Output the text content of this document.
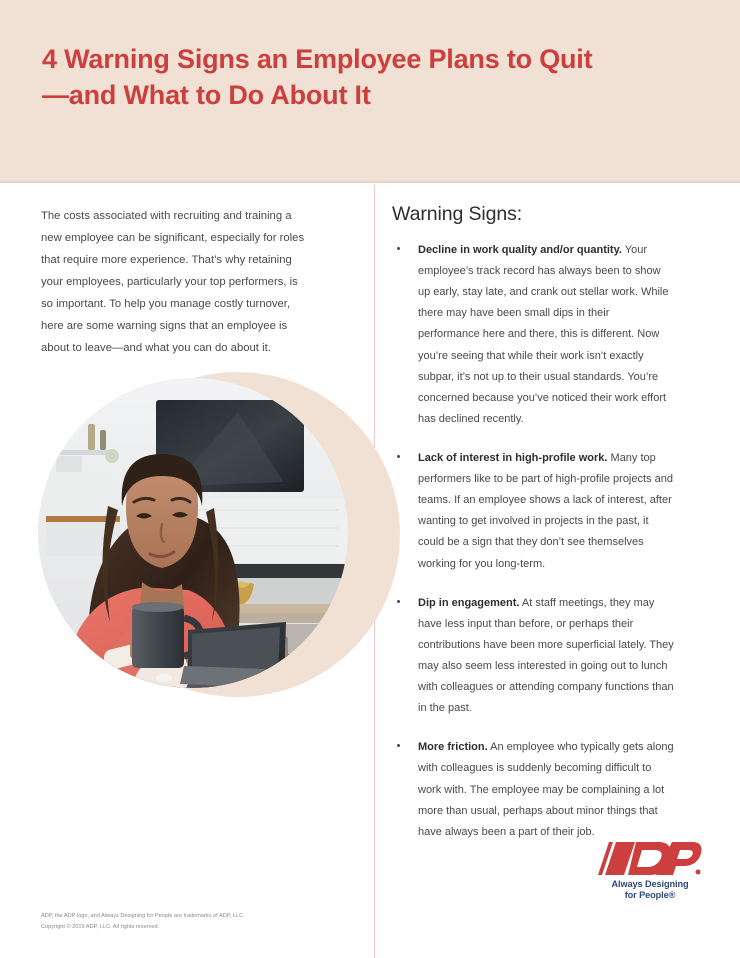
4 Warning Signs an Employee Plans to Quit—and What to Do About It

The costs associated with recruiting and training a new employee can be significant, especially for roles that require more experience. That’s why retaining your employees, particularly your top performers, is so important. To help you manage costly turnover, here are some warning signs that an employee is about to leave—and what you can do about it.

Warning Signs:
Decline in work quality and/or quantity. Your employee’s track record has always been to show up early, stay late, and crank out stellar work. While there may have been small dips in their performance here and there, this is different. Now you’re seeing that while their work isn’t exactly subpar, it’s not up to their usual standards. You’re concerned because you’ve noticed their work effort has declined recently.
Lack of interest in high-profile work. Many top performers like to be part of high-profile projects and teams. If an employee shows a lack of interest, after wanting to get involved in projects in the past, it could be a sign that they don’t see themselves working for you long-term.
Dip in engagement. At staff meetings, they may have less input than before, or perhaps their contributions have been more superficial lately. They may also seem less interested in going out to lunch with colleagues or attending company functions than in the past.
More friction. An employee who typically gets along with colleagues is suddenly becoming difficult to work with. The employee may be complaining a lot more than usual, perhaps about minor things that have always been a part of their job.
ADP, the ADP logo, and Always Designing for People are trademarks of ADP, LLC.
Copyright © 2019 ADP, LLC. All rights reserved.
Always Designing
for People®
